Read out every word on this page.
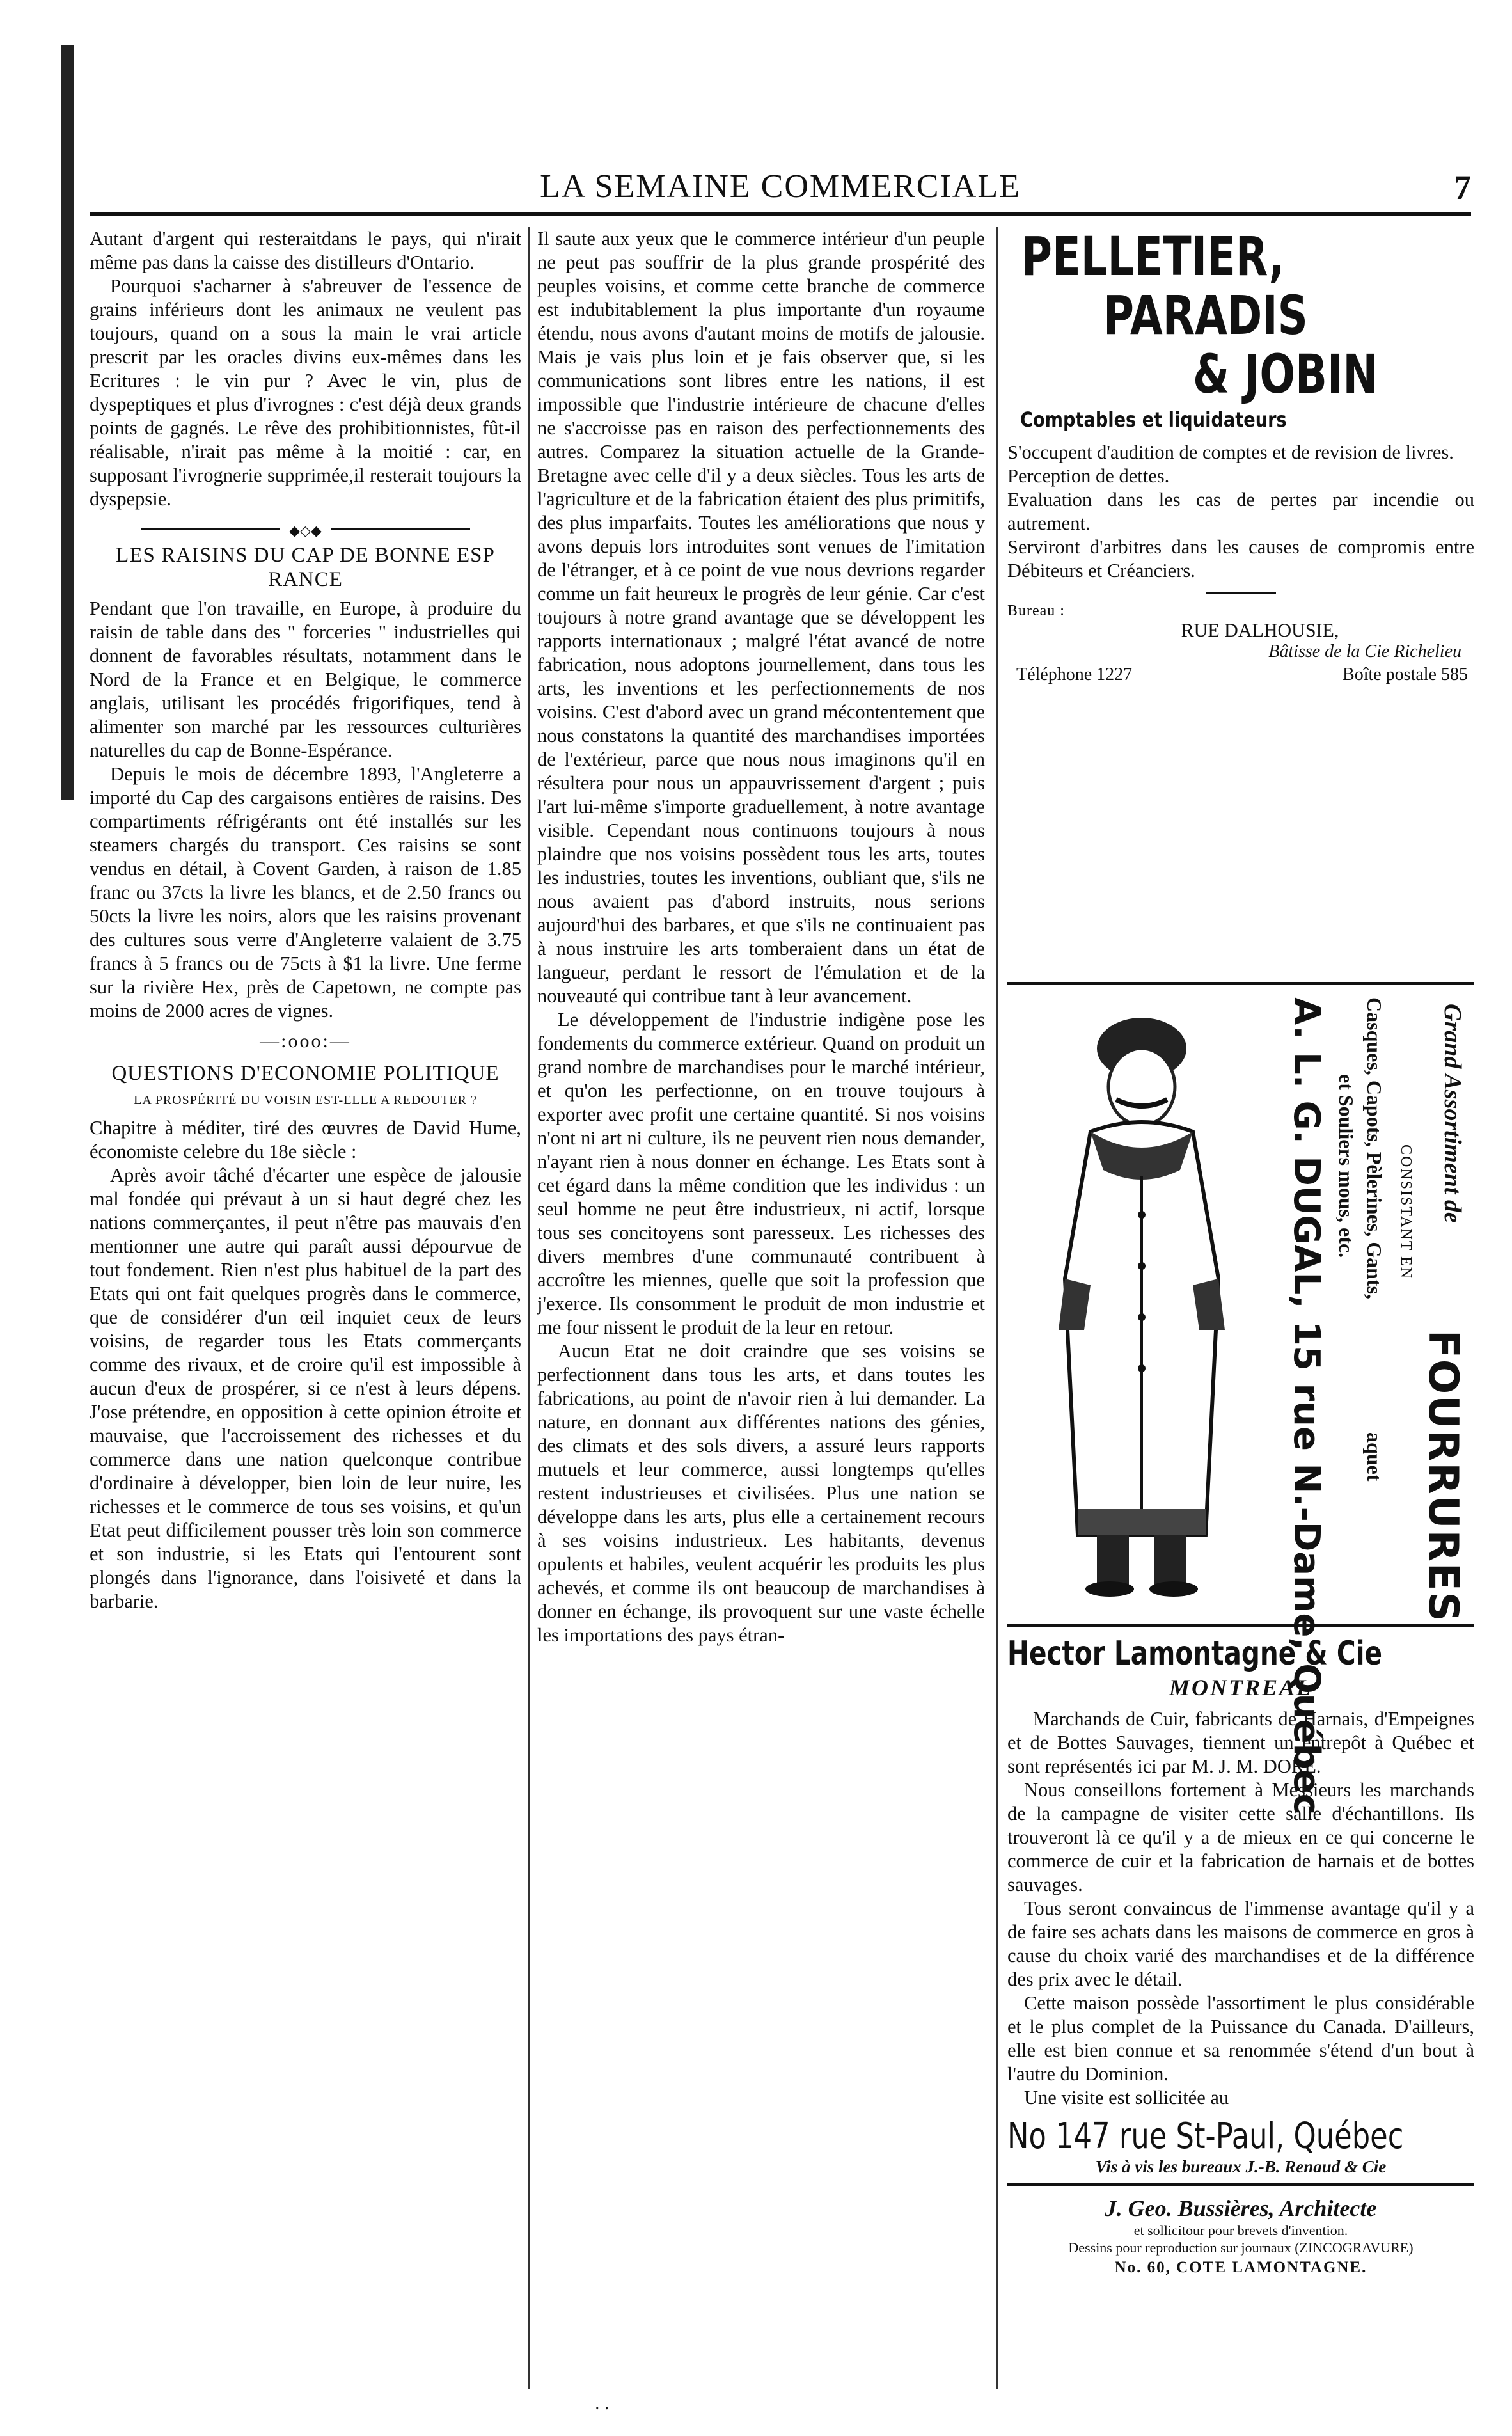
LA SEMAINE COMMERCIALE	7

Autant d'argent qui resteraitdans le pays, qui n'irait même pas dans la caisse des distilleurs d'Ontario.

Pourquoi s'acharner à s'abreuver de l'essence de grains inférieurs dont les animaux ne veulent pas toujours, quand on a sous la main le vrai article prescrit par les oracles divins eux-mêmes dans les Ecritures : le vin pur ? Avec le vin, plus de dyspeptiques et plus d'ivrognes : c'est déjà deux grands points de gagnés. Le rêve des prohibitionnistes, fût-il réalisable, n'irait pas même à la moitié : car, en supposant l'ivrognerie supprimée,il resterait toujours la dyspepsie.

◆◇◆
LES RAISINS DU CAP DE BONNE ESP RANCE

Pendant que l'on travaille, en Europe, à produire du raisin de table dans des " forceries " industrielles qui donnent de favorables résultats, notamment dans le Nord de la France et en Belgique, le commerce anglais, utilisant les procédés frigorifiques, tend à alimenter son marché par les ressources culturières naturelles du cap de Bonne-Espérance.

Depuis le mois de décembre 1893, l'Angleterre a importé du Cap des cargaisons entières de raisins. Des compartiments réfrigérants ont été installés sur les steamers chargés du transport. Ces raisins se sont vendus en détail, à Covent Garden, à raison de 1.85 franc ou 37cts la livre les blancs, et de 2.50 francs ou 50cts la livre les noirs, alors que les raisins provenant des cultures sous verre d'Angleterre valaient de 3.75 francs à 5 francs ou de 75cts à $1 la livre. Une ferme sur la rivière Hex, près de Capetown, ne compte pas moins de 2000 acres de vignes.

—:ooo:—
QUESTIONS D'ECONOMIE POLITIQUE
LA PROSPÉRITÉ DU VOISIN EST-ELLE A REDOUTER ?

Chapitre à méditer, tiré des œuvres de David Hume, économiste celebre du 18e siècle :

Après avoir tâché d'écarter une espèce de jalousie mal fondée qui prévaut à un si haut degré chez les nations commerçantes, il peut n'être pas mauvais d'en mentionner une autre qui paraît aussi dépourvue de tout fondement. Rien n'est plus habituel de la part des Etats qui ont fait quelques progrès dans le commerce, que de considérer d'un œil inquiet ceux de leurs voisins, de regarder tous les Etats commerçants comme des rivaux, et de croire qu'il est impossible à aucun d'eux de prospérer, si ce n'est à leurs dépens. J'ose prétendre, en opposition à cette opinion étroite et mauvaise, que l'accroissement des richesses et du commerce dans une nation quelconque contribue d'ordinaire à développer, bien loin de leur nuire, les richesses et le commerce de tous ses voisins, et qu'un Etat peut difficilement pousser très loin son commerce et son industrie, si les Etats qui l'entourent sont plongés dans l'ignorance, dans l'oisiveté et dans la barbarie.

Il saute aux yeux que le commerce intérieur d'un peuple ne peut pas souffrir de la plus grande prospérité des peuples voisins, et comme cette branche de commerce est indubitablement la plus importante d'un royaume étendu, nous avons d'autant moins de motifs de jalousie. Mais je vais plus loin et je fais observer que, si les communications sont libres entre les nations, il est impossible que l'industrie intérieure de chacune d'elles ne s'accroisse pas en raison des perfectionnements des autres. Comparez la situation actuelle de la Grande-Bretagne avec celle d'il y a deux siècles. Tous les arts de l'agriculture et de la fabrication étaient des plus primitifs, des plus imparfaits. Toutes les améliorations que nous y avons depuis lors introduites sont venues de l'imitation de l'étranger, et à ce point de vue nous devrions regarder comme un fait heureux le progrès de leur génie. Car c'est toujours à notre grand avantage que se développent les rapports internationaux ; malgré l'état avancé de notre fabrication, nous adoptons journellement, dans tous les arts, les inventions et les perfectionnements de nos voisins. C'est d'abord avec un grand mécontentement que nous constatons la quantité des marchandises importées de l'extérieur, parce que nous nous imaginons qu'il en résultera pour nous un appauvrissement d'argent ; puis l'art lui-même s'importe graduellement, à notre avantage visible. Cependant nous continuons toujours à nous plaindre que nos voisins possèdent tous les arts, toutes les industries, toutes les inventions, oubliant que, s'ils ne nous avaient pas d'abord instruits, nous serions aujourd'hui des barbares, et que s'ils ne continuaient pas à nous instruire les arts tomberaient dans un état de langueur, perdant le ressort de l'émulation et de la nouveauté qui contribue tant à leur avancement.

Le développement de l'industrie indigène pose les fondements du commerce extérieur. Quand on produit un grand nombre de marchandises pour le marché intérieur, et qu'on les perfectionne, on en trouve toujours à exporter avec profit une certaine quantité. Si nos voisins n'ont ni art ni culture, ils ne peuvent rien nous demander, n'ayant rien à nous donner en échange. Les Etats sont à cet égard dans la même condition que les individus : un seul homme ne peut être industrieux, ni actif, lorsque tous ses concitoyens sont paresseux. Les richesses des divers membres d'une communauté contribuent à accroître les miennes, quelle que soit la profession que j'exerce. Ils consomment le produit de mon industrie et me four nissent le produit de la leur en retour.

Aucun Etat ne doit craindre que ses voisins se perfectionnent dans tous les arts, et dans toutes les fabrications, au point de n'avoir rien à lui demander. La nature, en donnant aux différentes nations des génies, des climats et des sols divers, a assuré leurs rapports mutuels et leur commerce, aussi longtemps qu'elles restent industrieuses et civilisées. Plus une nation se développe dans les arts, plus elle a certainement recours à ses voisins industrieux. Les habitants, devenus opulents et habiles, veulent acquérir les produits les plus achevés, et comme ils ont beaucoup de marchandises à donner en échange, ils provoquent sur une vaste échelle les importations des pays étran-

PELLETIER,
PARADIS
& JOBIN
Comptables et liquidateurs

S'occupent d'audition de comptes et de revision de livres.

Perception de dettes.

Evaluation dans les cas de pertes par incendie ou autrement.

Serviront d'arbitres dans les causes de compromis entre Débiteurs et Créanciers.

Bureau :
RUE DALHOUSIE,
Bâtisse de la Cie Richelieu
Téléphone 1227	Boîte postale 585
Grand Assortiment de
FOURRURES
CONSISTANT EN
Casques, Capots, Pèlerines, Gants,
aquet
et Souliers mous, etc.
A. L. G. DUGAL, 15 rue N.-Dame, Québec
Hector Lamontagne & Cie
MONTREAL

Marchands de Cuir, fabricants de Harnais, d'Empeignes et de Bottes Sauvages, tiennent un entrepôt à Québec et sont représentés ici par M. J. M. DORE.

Nous conseillons fortement à Messieurs les marchands de la campagne de visiter cette salle d'échantillons. Ils trouveront là ce qu'il y a de mieux en ce qui concerne le commerce de cuir et la fabrication de harnais et de bottes sauvages.

Tous seront convaincus de l'immense avantage qu'il y a de faire ses achats dans les maisons de commerce en gros à cause du choix varié des marchandises et de la différence des prix avec le détail.

Cette maison possède l'assortiment le plus considérable et le plus complet de la Puissance du Canada. D'ailleurs, elle est bien connue et sa renommée s'étend d'un bout à l'autre du Dominion.

Une visite est sollicitée au

No 147 rue St-Paul, Québec
Vis à vis les bureaux J.-B. Renaud & Cie
J. Geo. Bussières, Architecte
et sollicitour pour brevets d'invention.
Dessins pour reproduction sur journaux (ZINCOGRAVURE)
No. 60, COTE LAMONTAGNE.
. .
